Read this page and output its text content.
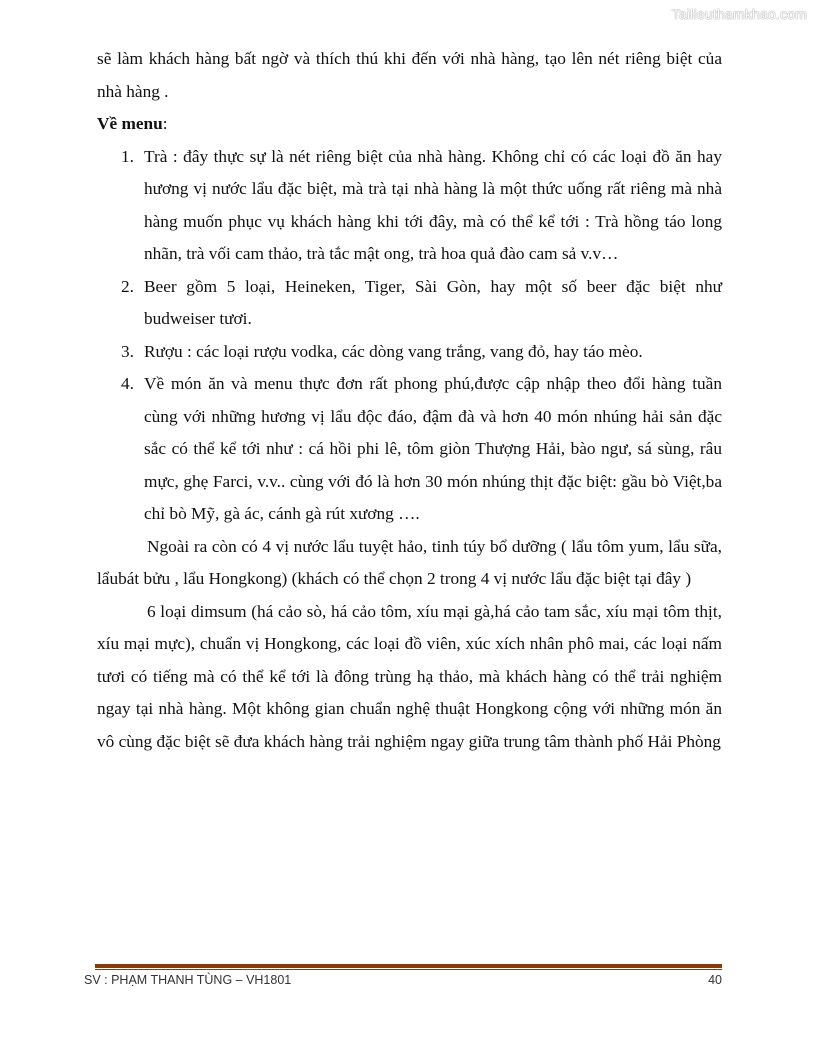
Tailieuthamkhao.com

sẽ làm khách hàng bất ngờ và thích thú khi đến với nhà hàng, tạo lên nét riêng biệt của nhà hàng .

Về menu:

1. Trà : đây thực sự là nét riêng biệt của nhà hàng. Không chỉ có các loại đồ ăn hay hương vị nước lẩu đặc biệt, mà trà tại nhà hàng là một thức uống rất riêng mà nhà hàng muốn phục vụ khách hàng khi tới đây, mà có thể kể tới : Trà hồng táo long nhãn, trà vối cam thảo, trà tắc mật ong, trà hoa quả đào cam sả v.v…
2. Beer gồm 5 loại, Heineken, Tiger, Sài Gòn, hay một số beer đặc biệt như budweiser tươi.
3. Rượu : các loại rượu vodka, các dòng vang trắng, vang đỏ, hay táo mèo.
4. Về món ăn và menu thực đơn rất phong phú,được cập nhập theo đổi hàng tuần cùng với những hương vị lẩu độc đáo, đậm đà và hơn 40 món nhúng hải sản đặc sắc có thể kể tới như : cá hồi phi lê, tôm giòn Thượng Hải, bào ngư, sá sùng, râu mực, ghẹ Farci, v.v.. cùng với đó là hơn 30 món nhúng thịt đặc biệt: gầu bò Việt,ba chỉ bò Mỹ, gà ác, cánh gà rút xương ….

Ngoài ra còn có 4 vị nước lẩu tuyệt hảo, tinh túy bổ dưỡng ( lẩu tôm yum, lẩu sữa, lẩubát bửu , lẩu Hongkong) (khách có thể chọn 2 trong 4 vị nước lẩu đặc biệt tại đây )

6 loại dimsum (há cảo sò, há cảo tôm, xíu mại gà,há cảo tam sắc, xíu mại tôm thịt, xíu mại mực), chuẩn vị Hongkong, các loại đồ viên, xúc xích nhân phô mai, các loại nấm tươi có tiếng mà có thể kể tới là đông trùng hạ thảo, mà khách hàng có thể trải nghiệm ngay tại nhà hàng. Một không gian chuẩn nghệ thuật Hongkong cộng với những món ăn vô cùng đặc biệt sẽ đưa khách hàng trải nghiệm ngay giữa trung tâm thành phố Hải Phòng

SV : PHẠM THANH TÙNG – VH1801	40
